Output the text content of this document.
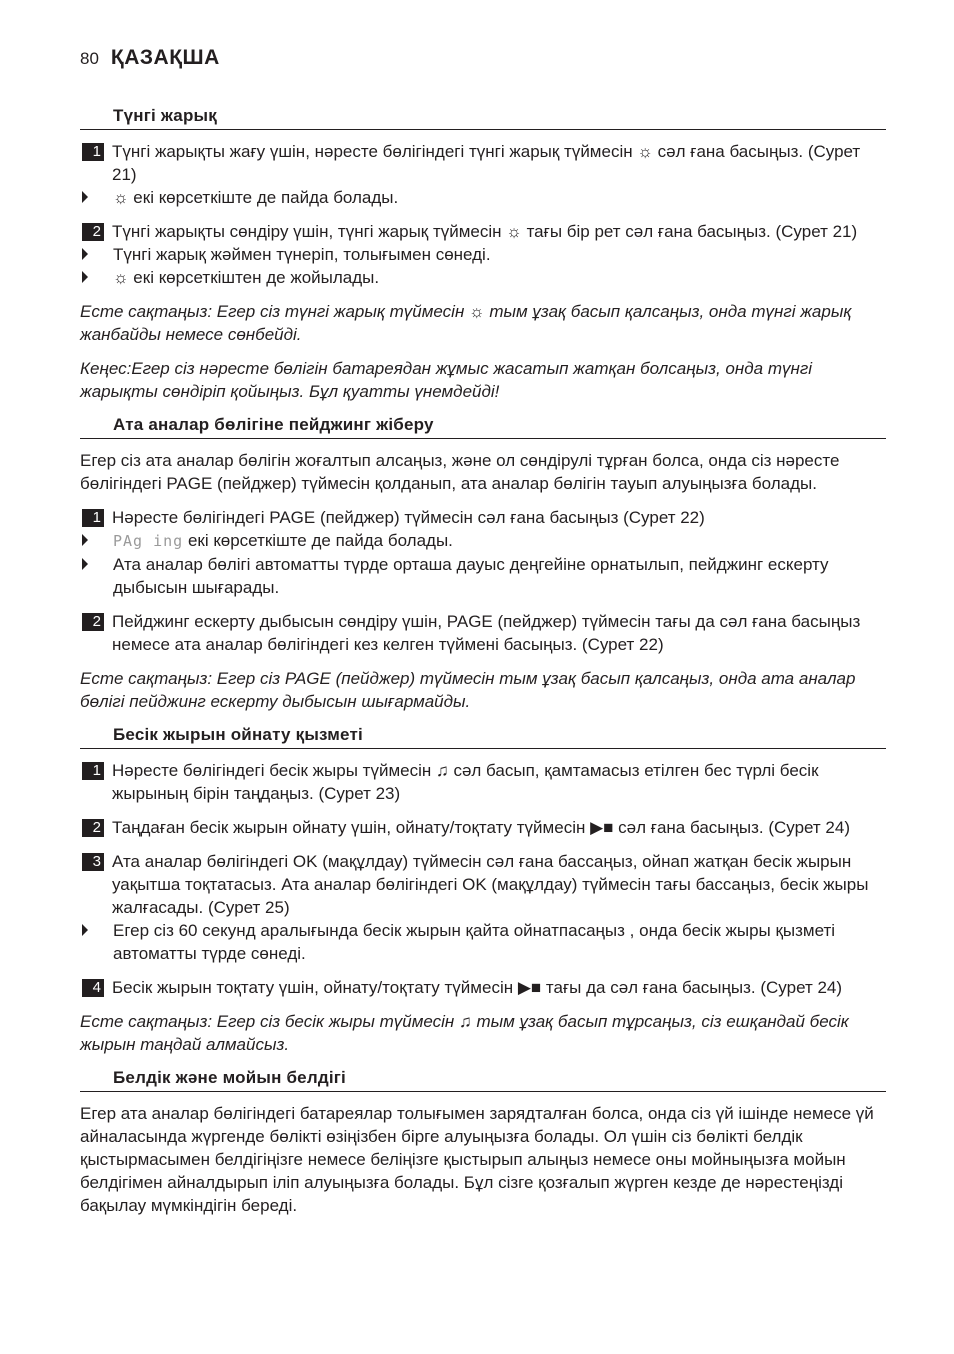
80 ҚАЗАҚША
Түнгі жарық
1 Түнгі жарықты жағу үшін, нәресте бөлігіндегі түнгі жарық түймесін ☼ сәл ғана басыңыз. (Сурет 21)
☼ екі көрсеткіште де пайда болады.
2 Түнгі жарықты сөндіру үшін, түнгі жарық түймесін ☼ тағы бір рет сәл ғана басыңыз. (Сурет 21)
Түнгі жарық жәймен түнеріп, толығымен сөнеді.
☼ екі көрсеткіштен де жойылады.

Есте сақтаңыз: Егер сіз түнгі жарық түймесін ☼ тым ұзақ басып қалсаңыз, онда түнгі жарық жанбайды немесе сөнбейді.

Кеңес:Егер сіз нәресте бөлігін батареядан жұмыс жасатып жатқан болсаңыз, онда түнгі жарықты сөндіріп қойыңыз. Бұл қуатты үнемдейді!

Ата аналар бөлігіне пейджинг жіберу

Егер сіз ата аналар бөлігін жоғалтып алсаңыз, және ол сөндірулі тұрған болса, онда сіз нәресте бөлігіндегі PAGE (пейджер) түймесін қолданып, ата аналар бөлігін тауып алуыңызға болады.

1 Нәресте бөлігіндегі PAGE (пейджер) түймесін сәл ғана басыңыз (Сурет 22)
PAg ing екі көрсеткіште де пайда болады.
Ата аналар бөлігі автоматты түрде орташа дауыс деңгейіне орнатылып, пейджинг ескерту дыбысын шығарады.
2 Пейджинг ескерту дыбысын сөндіру үшін, PAGE (пейджер) түймесін тағы да сәл ғана басыңыз немесе ата аналар бөлігіндегі кез келген түймені басыңыз. (Сурет 22)

Есте сақтаңыз: Егер сіз PAGE (пейджер) түймесін тым ұзақ басып қалсаңыз, онда ата аналар бөлігі пейджинг ескерту дыбысын шығармайды.

Бесік жырын ойнату қызметі
1 Нәресте бөлігіндегі бесік жыры түймесін ♫ сәл басып, қамтамасыз етілген бес түрлі бесік жырының бірін таңдаңыз. (Сурет 23)
2 Таңдаған бесік жырын ойнату үшін, ойнату/тоқтату түймесін ▶■ сәл ғана басыңыз. (Сурет 24)
3 Ата аналар бөлігіндегі OK (мақұлдау) түймесін сәл ғана бассаңыз, ойнап жатқан бесік жырын уақытша тоқтатасыз. Ата аналар бөлігіндегі OK (мақұлдау) түймесін тағы бассаңыз, бесік жыры жалғасады. (Сурет 25)
Егер сіз 60 секунд аралығында бесік жырын қайта ойнатпасаңыз , онда бесік жыры қызметі автоматты түрде сөнеді.
4 Бесік жырын тоқтату үшін, ойнату/тоқтату түймесін ▶■ тағы да сәл ғана басыңыз. (Сурет 24)

Есте сақтаңыз: Егер сіз бесік жыры түймесін ♫ тым ұзақ басып тұрсаңыз, сіз ешқандай бесік жырын таңдай алмайсыз.

Белдік және мойын белдігі

Егер ата аналар бөлігіндегі батареялар толығымен зарядталған болса, онда сіз үй ішінде немесе үй айналасында жүргенде бөлікті өзіңізбен бірге алуыңызға болады. Ол үшін сіз бөлікті белдік қыстырмасымен белдігіңізге немесе беліңізге қыстырып алыңыз немесе оны мойныңызға мойын белдігімен айналдырып іліп алуыңызға болады. Бұл сізге қозғалып жүрген кезде де нәрестеңізді бақылау мүмкіндігін береді.
